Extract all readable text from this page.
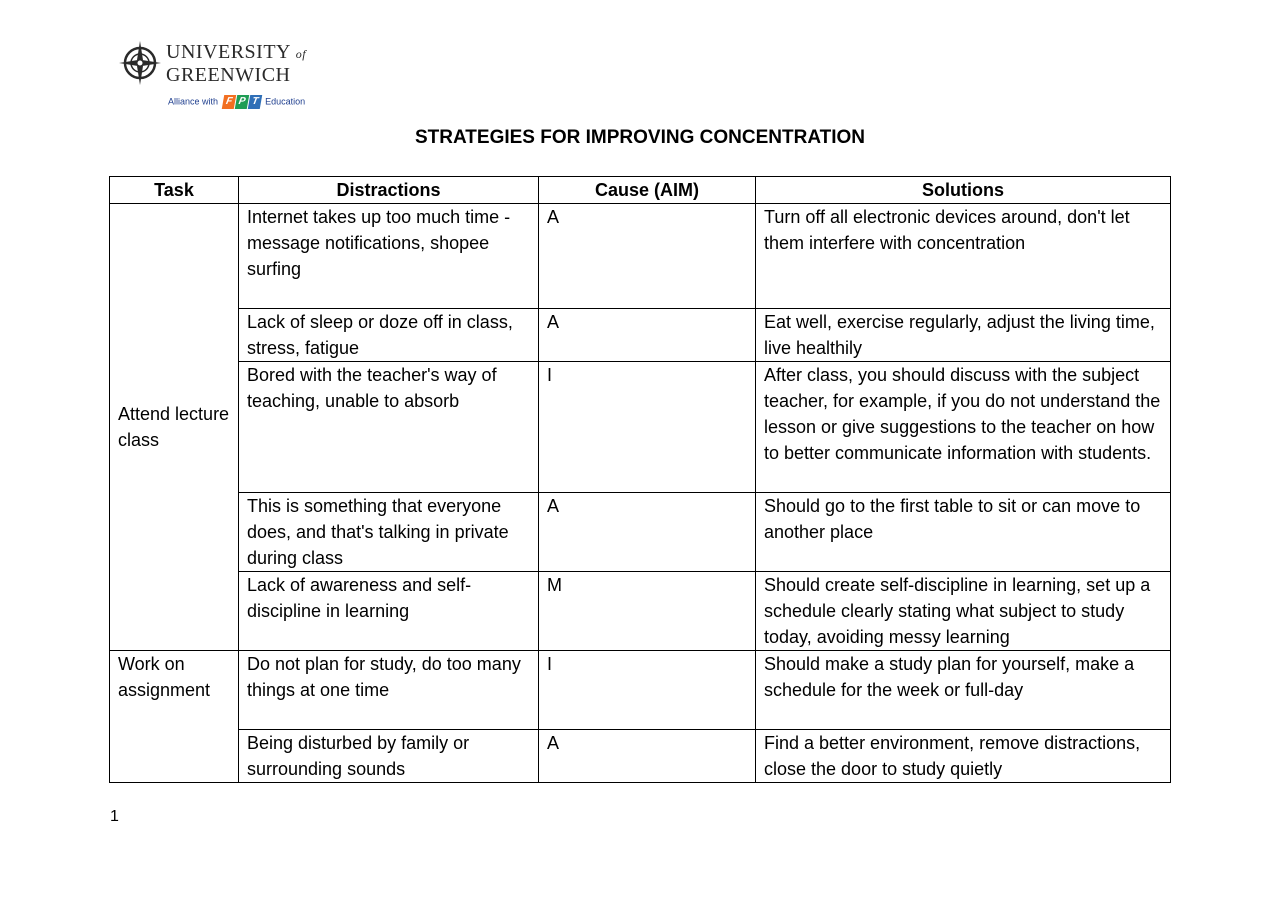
UNIVERSITY of
GREENWICH
Alliance with F P T Education
STRATEGIES FOR IMPROVING CONCENTRATION
Task	Distractions	Cause (AIM)	Solutions
Attend lecture class	Internet takes up too much time - message notifications, shopee surfing	A	Turn off all electronic devices around, don't let them interfere with concentration
	Lack of sleep or doze off in class, stress, fatigue	A	Eat well, exercise regularly, adjust the living time, live healthily
	Bored with the teacher's way of teaching, unable to absorb	I	After class, you should discuss with the subject teacher, for example, if you do not understand the lesson or give suggestions to the teacher on how to better communicate information with students.
	This is something that everyone does, and that's talking in private during class	A	Should go to the first table to sit or can move to another place
	Lack of awareness and self-discipline in learning	M	Should create self-discipline in learning, set up a schedule clearly stating what subject to study today, avoiding messy learning
Work on assignment	Do not plan for study, do too many things at one time	I	Should make a study plan for yourself, make a schedule for the week or full-day
	Being disturbed by family or surrounding sounds	A	Find a better environment, remove distractions, close the door to study quietly
1
